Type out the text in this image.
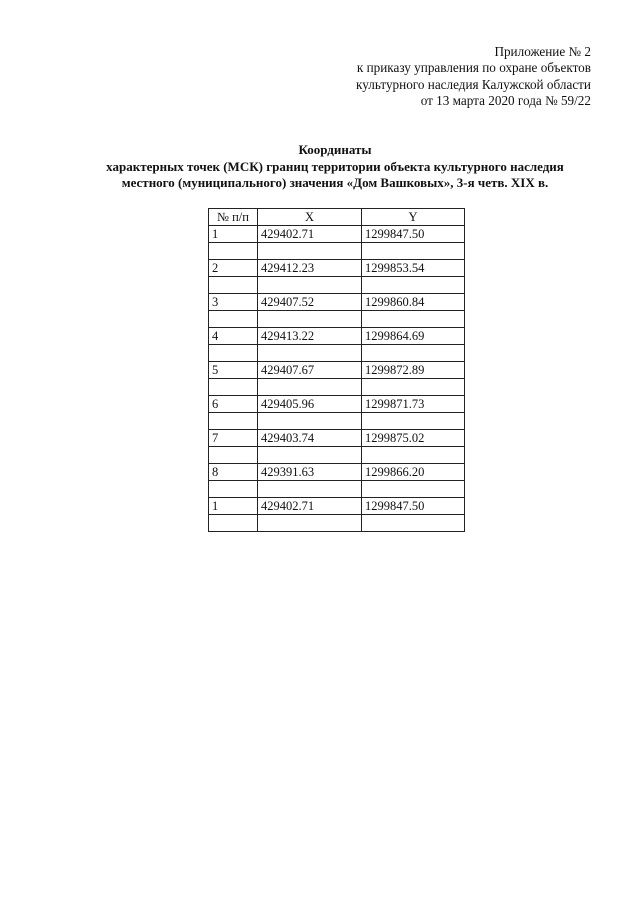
Приложение № 2
к приказу управления по охране объектов
культурного наследия Калужской области
от 13 марта 2020 года № 59/22
Координаты
характерных точек (МСК) границ территории объекта культурного наследия
местного (муниципального) значения «Дом Вашковых», 3-я четв. XIX в.
№ п/п	X	Y
1	429402.71	1299847.50

2	429412.23	1299853.54

3	429407.52	1299860.84

4	429413.22	1299864.69

5	429407.67	1299872.89

6	429405.96	1299871.73

7	429403.74	1299875.02

8	429391.63	1299866.20

1	429402.71	1299847.50
